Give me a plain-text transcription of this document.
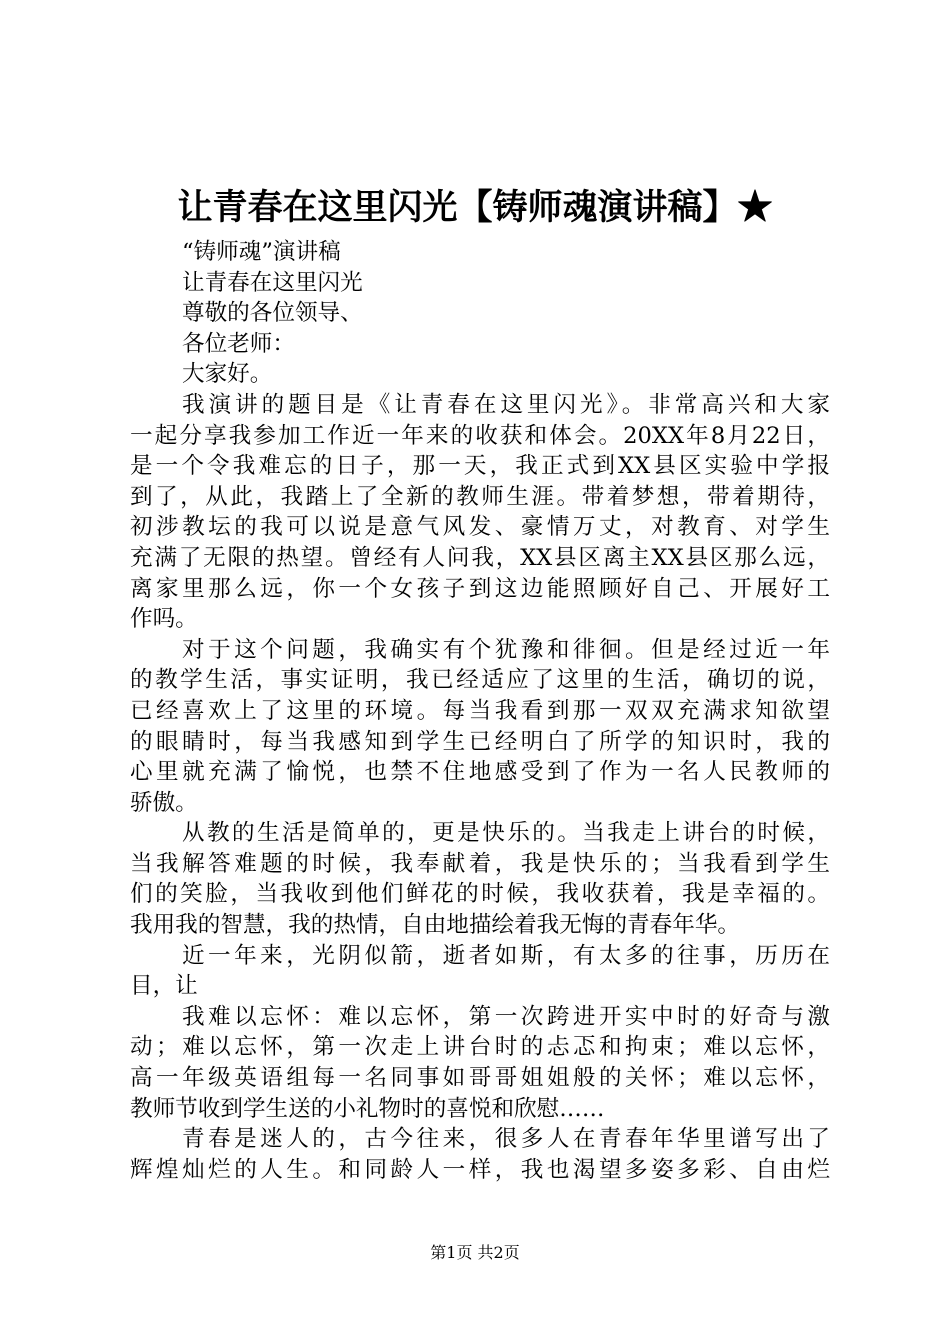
让青春在这里闪光【铸师魂演讲稿】★
“铸师魂”演讲稿
让青春在这里闪光
尊敬的各位领导、
各位老师：
大家好。
我演讲的题目是《让青春在这里闪光》。非常高兴和大家
一起分享我参加工作近一年来的收获和体会。20XX年8月22日，
是一个令我难忘的日子，那一天，我正式到XX县区实验中学报
到了，从此，我踏上了全新的教师生涯。带着梦想，带着期待，
初涉教坛的我可以说是意气风发、豪情万丈，对教育、对学生
充满了无限的热望。曾经有人问我，XX县区离主XX县区那么远，
离家里那么远，你一个女孩子到这边能照顾好自己、开展好工
作吗。
对于这个问题，我确实有个犹豫和徘徊。但是经过近一年
的教学生活，事实证明，我已经适应了这里的生活，确切的说，
已经喜欢上了这里的环境。每当我看到那一双双充满求知欲望
的眼睛时，每当我感知到学生已经明白了所学的知识时，我的
心里就充满了愉悦，也禁不住地感受到了作为一名人民教师的
骄傲。
从教的生活是简单的，更是快乐的。当我走上讲台的时候，
当我解答难题的时候，我奉献着，我是快乐的；当我看到学生
们的笑脸，当我收到他们鲜花的时候，我收获着，我是幸福的。
我用我的智慧，我的热情，自由地描绘着我无悔的青春年华。
近一年来，光阴似箭，逝者如斯，有太多的往事，历历在
目，让
我难以忘怀：难以忘怀，第一次跨进开实中时的好奇与激
动；难以忘怀，第一次走上讲台时的忐忑和拘束；难以忘怀，
高一年级英语组每一名同事如哥哥姐姐般的关怀；难以忘怀，
教师节收到学生送的小礼物时的喜悦和欣慰……
青春是迷人的，古今往来，很多人在青春年华里谱写出了
辉煌灿烂的人生。和同龄人一样，我也渴望多姿多彩、自由烂
第1页 共2页
